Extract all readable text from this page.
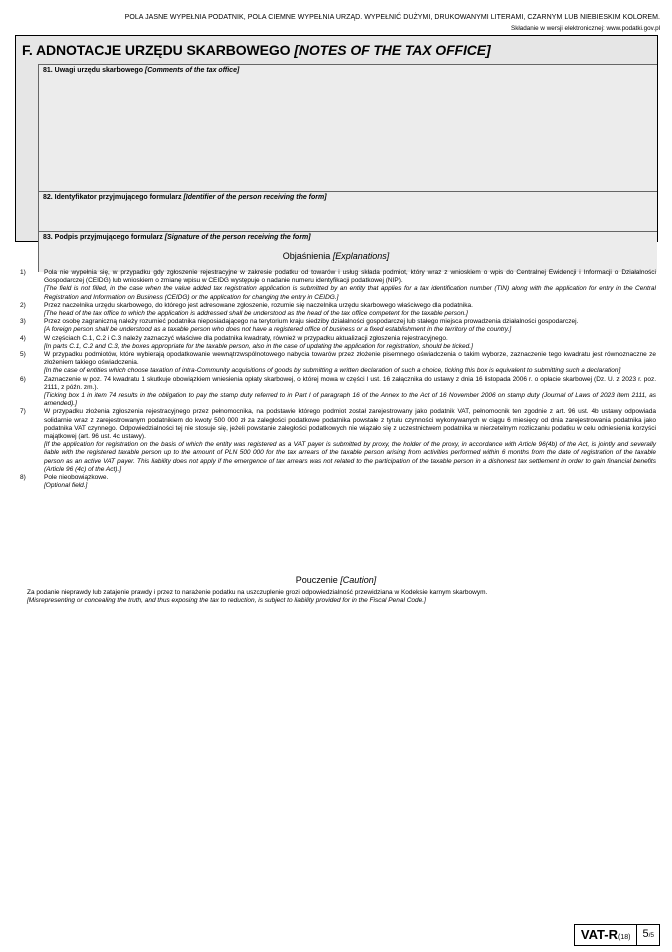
POLA JASNE WYPEŁNIA PODATNIK, POLA CIEMNE WYPEŁNIA URZĄD. WYPEŁNIĆ DUŻYMI, DRUKOWANYMI LITERAMI, CZARNYM LUB NIEBIESKIM KOLOREM.
Składanie w wersji elektronicznej: www.podatki.gov.pl
F. ADNOTACJE URZĘDU SKARBOWEGO [NOTES OF THE TAX OFFICE]
81. Uwagi urzędu skarbowego [Comments of the tax office]
82. Identyfikator przyjmującego formularz [Identifier of the person receiving the form]
83. Podpis przyjmującego formularz [Signature of the person receiving the form]
Objaśnienia [Explanations]
1)	Pola nie wypełnia się, w przypadku gdy zgłoszenie rejestracyjne w zakresie podatku od towarów i usług składa podmiot, który wraz z wnioskiem o wpis do Centralnej Ewidencji i Informacji o Działalności Gospodarczej (CEIDG) lub wnioskiem o zmianę wpisu w CEIDG występuje o nadanie numeru identyfikacji podatkowej (NIP).
[The field is not filled, in the case when the value added tax registration application is submitted by an entity that applies for a tax identification number (TIN) along with the application for entry in the Central Registration and Information on Business (CEIDG) or the application for changing the entry in CEIDG.]
2)	Przez naczelnika urzędu skarbowego, do którego jest adresowane zgłoszenie, rozumie się naczelnika urzędu skarbowego właściwego dla podatnika.
[The head of the tax office to which the application is addressed shall be understood as the head of the tax office competent for the taxable person.]
3)	Przez osobę zagraniczną należy rozumieć podatnika nieposiadającego na terytorium kraju siedziby działalności gospodarczej lub stałego miejsca prowadzenia działalności gospodarczej.
[A foreign person shall be understood as a taxable person who does not have a registered office of business or a fixed establishment in the territory of the country.]
4)	W częściach C.1, C.2 i C.3 należy zaznaczyć właściwe dla podatnika kwadraty, również w przypadku aktualizacji zgłoszenia rejestracyjnego.
[In parts C.1, C.2 and C.3, the boxes appropriate for the taxable person, also in the case of updating the application for registration, should be ticked.]
5)	W przypadku podmiotów, które wybierają opodatkowanie wewnątrzwspólnotowego nabycia towarów przez złożenie pisemnego oświadczenia o takim wyborze, zaznaczenie tego kwadratu jest równoznaczne ze złożeniem takiego oświadczenia.
[In the case of entities which choose taxation of intra-Community acquisitions of goods by submitting a written declaration of such a choice, ticking this box is equivalent to submitting such a declaration]
6)	Zaznaczenie w poz. 74 kwadratu 1 skutkuje obowiązkiem wniesienia opłaty skarbowej, o której mowa w części I ust. 16 załącznika do ustawy z dnia 16 listopada 2006 r. o opłacie skarbowej (Dz. U. z 2023 r. poz. 2111, z późn. zm.).
[Ticking box 1 in item 74 results in the obligation to pay the stamp duty referred to in Part I of paragraph 16 of the Annex to the Act of 16 November 2006 on stamp duty (Journal of Laws of 2023 item 2111, as amended).]
7)	W przypadku złożenia zgłoszenia rejestracyjnego przez pełnomocnika, na podstawie którego podmiot został zarejestrowany jako podatnik VAT, pełnomocnik ten zgodnie z art. 96 ust. 4b ustawy odpowiada solidarnie wraz z zarejestrowanym podatnikiem do kwoty 500 000 zł za zaległości podatkowe podatnika powstałe z tytułu czynności wykonywanych w ciągu 6 miesięcy od dnia zarejestrowania podatnika jako podatnika VAT czynnego. Odpowiedzialności tej nie stosuje się, jeżeli powstanie zaległości podatkowych nie wiązało się z uczestnictwem podatnika w nierzetelnym rozliczaniu podatku w celu odniesienia korzyści majątkowej (art. 96 ust. 4c ustawy).
[If the application for registration on the basis of which the entity was registered as a VAT payer is submitted by proxy, the holder of the proxy, in accordance with Article 96(4b) of the Act, is jointly and severally liable with the registered taxable person up to the amount of PLN 500 000 for the tax arrears of the taxable person arising from activities performed within 6 months from the date of registration of the taxable person as an active VAT payer. This liability does not apply if the emergence of tax arrears was not related to the participation of the taxable person in a dishonest tax settlement in order to gain financial benefits (Article 96 (4c) of the Act).]
8)	Pole nieobowiązkowe.
[Optional field.]
Pouczenie [Caution]
Za podanie nieprawdy lub zatajenie prawdy i przez to narażenie podatku na uszczuplenie grozi odpowiedzialność przewidziana w Kodeksie karnym skarbowym.
[Misrepresenting or concealing the truth, and thus exposing the tax to reduction, is subject to liability provided for in the Fiscal Penal Code.]
VAT-R(18)	5/5
